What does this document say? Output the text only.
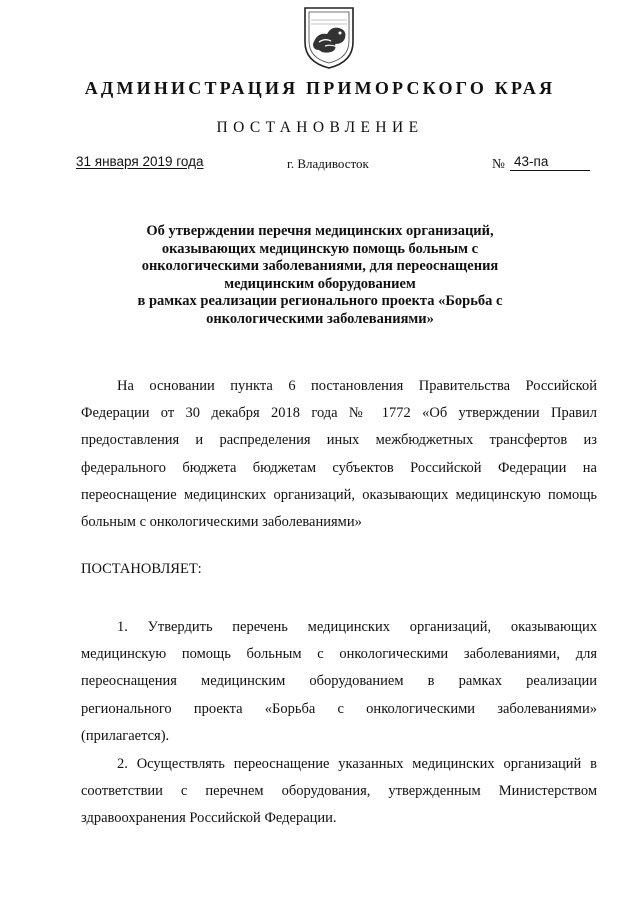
АДМИНИСТРАЦИЯ ПРИМОРСКОГО КРАЯ
ПОСТАНОВЛЕНИЕ
31 января 2019 года	г. Владивосток	№ 43-па
Об утверждении перечня медицинских организаций,
оказывающих медицинскую помощь больным с
онкологическими заболеваниями, для переоснащения
медицинским оборудованием
в рамках реализации регионального проекта «Борьба с
онкологическими заболеваниями»
На основании пункта 6 постановления Правительства Российской
Федерации от 30 декабря 2018 года № 1772 «Об утверждении Правил
предоставления и распределения иных межбюджетных трансфертов из
федерального бюджета бюджетам субъектов Российской Федерации на
переоснащение медицинских организаций, оказывающих медицинскую помощь
больным с онкологическими заболеваниями»
ПОСТАНОВЛЯЕТ:
1. Утвердить перечень медицинских организаций, оказывающих
медицинскую помощь больным с онкологическими заболеваниями, для
переоснащения медицинским оборудованием в рамках реализации
регионального проекта «Борьба с онкологическими заболеваниями»
(прилагается).
2. Осуществлять переоснащение указанных медицинских организаций в
соответствии с перечнем оборудования, утвержденным Министерством
здравоохранения Российской Федерации.
